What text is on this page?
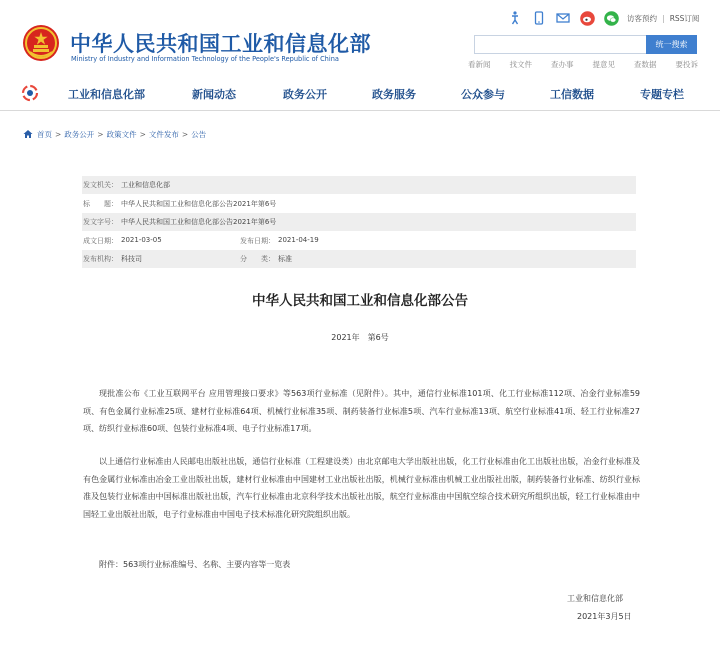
中华人民共和国工业和信息化部
Ministry of Industry and Information Technology of the People's Republic of China
访客预约 | RSS订阅
统一搜索
看新闻	找文件	查办事	提意见	查数据	要投诉
工业和信息化部	新闻动态	政务公开	政务服务	公众参与	工信数据	专题专栏
首页 > 政务公开 > 政策文件 > 文件发布 > 公告
发文机关： 工业和信息化部
标　　题： 中华人民共和国工业和信息化部公告2021年第6号
发文字号： 中华人民共和国工业和信息化部公告2021年第6号
成文日期： 2021-03-05	发布日期： 2021-04-19
发布机构： 科技司	分　　类： 标准
中华人民共和国工业和信息化部公告
2021年　第6号

现批准公布《工业互联网平台 应用管理接口要求》等563项行业标准（见附件）。其中，通信行业标准101项、化工行业标准112项、冶金行业标准59项、有色金属行业标准25项、建材行业标准64项、机械行业标准35项、制药装备行业标准5项、汽车行业标准13项、航空行业标准41项、轻工行业标准27项、纺织行业标准60项、包装行业标准4项、电子行业标准17项。

以上通信行业标准由人民邮电出版社出版，通信行业标准（工程建设类）由北京邮电大学出版社出版，化工行业标准由化工出版社出版，冶金行业标准及有色金属行业标准由冶金工业出版社出版，建材行业标准由中国建材工业出版社出版，机械行业标准由机械工业出版社出版，制药装备行业标准、纺织行业标准及包装行业标准由中国标准出版社出版，汽车行业标准由北京科学技术出版社出版，航空行业标准由中国航空综合技术研究所组织出版，轻工行业标准由中国轻工业出版社出版，电子行业标准由中国电子技术标准化研究院组织出版。

附件：563项行业标准编号、名称、主要内容等一览表

工业和信息化部
2021年3月5日
